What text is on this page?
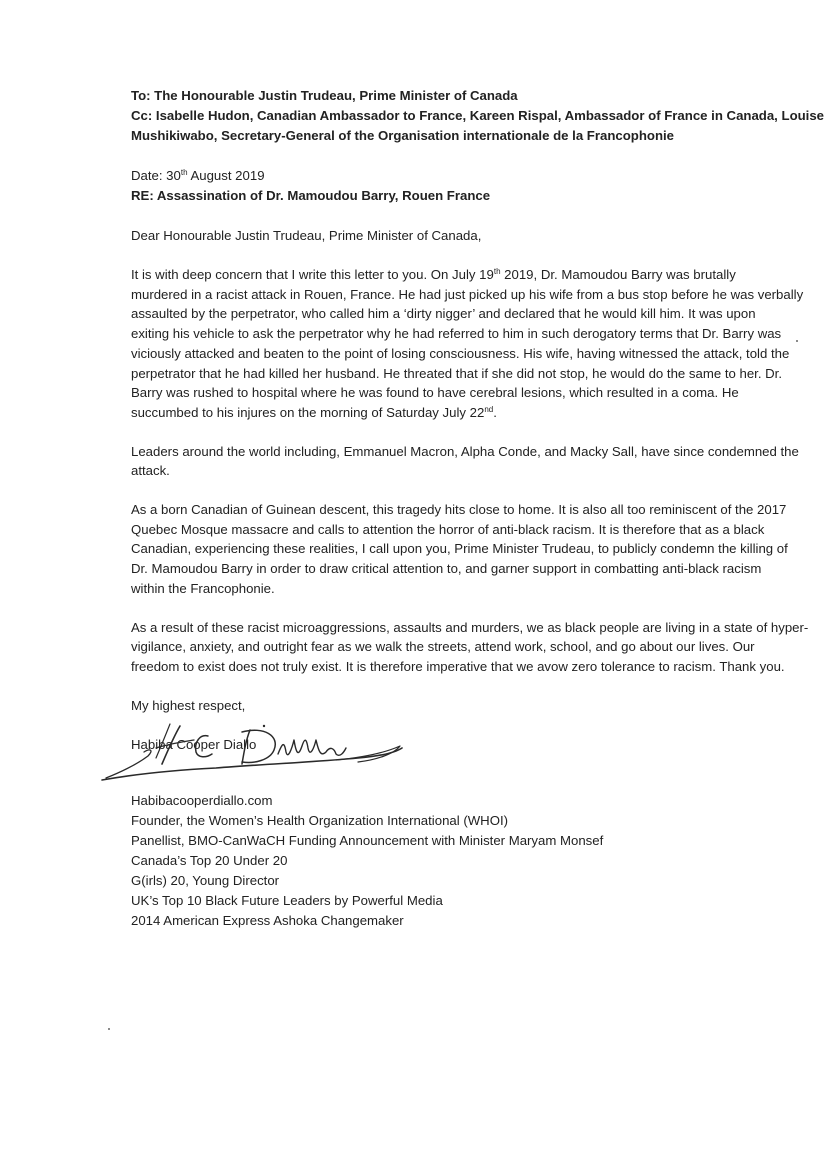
To: The Honourable Justin Trudeau, Prime Minister of Canada
Cc: Isabelle Hudon, Canadian Ambassador to France, Kareen Rispal, Ambassador of France in Canada, Louise
Mushikiwabo, Secretary-General of the Organisation internationale de la Francophonie
Date: 30th August 2019
RE: Assassination of Dr. Mamoudou Barry, Rouen France
Dear Honourable Justin Trudeau, Prime Minister of Canada,
It is with deep concern that I write this letter to you. On July 19th 2019, Dr. Mamoudou Barry was brutally
murdered in a racist attack in Rouen, France. He had just picked up his wife from a bus stop before he was verbally
assaulted by the perpetrator, who called him a ‘dirty nigger’ and declared that he would kill him. It was upon
exiting his vehicle to ask the perpetrator why he had referred to him in such derogatory terms that Dr. Barry was
viciously attacked and beaten to the point of losing consciousness. His wife, having witnessed the attack, told the
perpetrator that he had killed her husband. He threated that if she did not stop, he would do the same to her. Dr.
Barry was rushed to hospital where he was found to have cerebral lesions, which resulted in a coma. He
succumbed to his injures on the morning of Saturday July 22nd.
Leaders around the world including, Emmanuel Macron, Alpha Conde, and Macky Sall, have since condemned the
attack.
As a born Canadian of Guinean descent, this tragedy hits close to home. It is also all too reminiscent of the 2017
Quebec Mosque massacre and calls to attention the horror of anti-black racism. It is therefore that as a black
Canadian, experiencing these realities, I call upon you, Prime Minister Trudeau, to publicly condemn the killing of
Dr. Mamoudou Barry in order to draw critical attention to, and garner support in combatting anti-black racism
within the Francophonie.
As a result of these racist microaggressions, assaults and murders, we as black people are living in a state of hyper-
vigilance, anxiety, and outright fear as we walk the streets, attend work, school, and go about our lives. Our
freedom to exist does not truly exist. It is therefore imperative that we avow zero tolerance to racism. Thank you.
My highest respect,
Habiba Cooper Diallo
Habibacooperdiallo.com
Founder, the Women’s Health Organization International (WHOI)
Panellist, BMO-CanWaCH Funding Announcement with Minister Maryam Monsef
Canada’s Top 20 Under 20
G(irls) 20, Young Director
UK’s Top 10 Black Future Leaders by Powerful Media
2014 American Express Ashoka Changemaker
